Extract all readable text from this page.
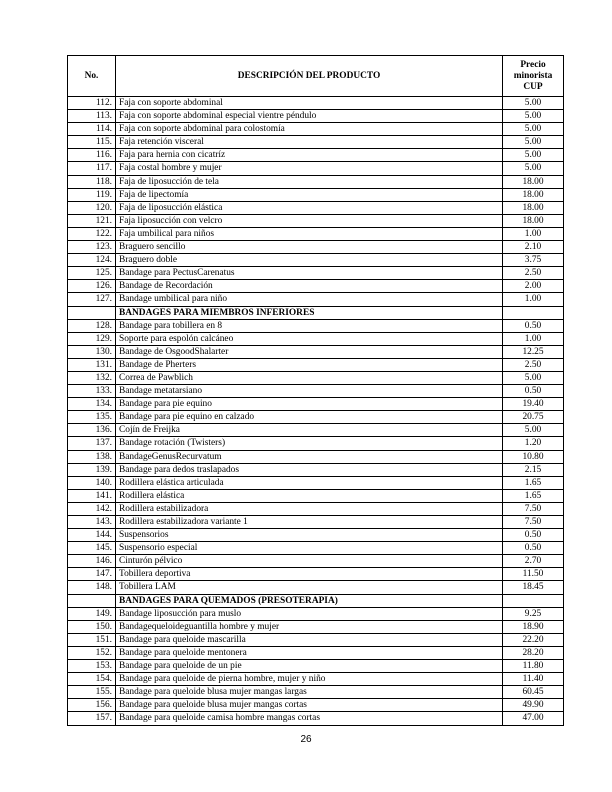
No.	DESCRIPCIÓN DEL PRODUCTO	Precio
minorista
CUP

112.	Faja con soporte abdominal	5.00
113.	Faja con soporte abdominal especial vientre péndulo	5.00
114.	Faja con soporte abdominal para colostomía	5.00
115.	Faja retención visceral	5.00
116.	Faja para hernia con cicatríz	5.00
117.	Faja costal hombre y mujer	5.00
118.	Faja de liposucción de tela	18.00
119.	Faja de lipectomía	18.00
120.	Faja de liposucción elástica	18.00
121.	Faja liposucción con velcro	18.00
122.	Faja umbilical para niños	1.00
123.	Braguero sencillo	2.10
124.	Braguero doble	3.75
125.	Bandage para PectusCarenatus	2.50
126.	Bandage de Recordación	2.00
127.	Bandage umbilical para niño	1.00
	BANDAGES PARA MIEMBROS INFERIORES	
128.	Bandage para tobillera en 8	0.50
129.	Soporte para espolón calcáneo	1.00
130.	Bandage de OsgoodShalarter	12.25
131.	Bandage de Pherters	2.50
132.	Correa de Pawblich	5.00
133.	Bandage metatarsiano	0.50
134.	Bandage para pie equino	19.40
135.	Bandage para pie equino en calzado	20.75
136.	Cojín de Freijka	5.00
137.	Bandage rotación (Twisters)	1.20
138.	BandageGenusRecurvatum	10.80
139.	Bandage para dedos traslapados	2.15
140.	Rodillera elástica articulada	1.65
141.	Rodillera elástica	1.65
142.	Rodillera estabilizadora	7.50
143.	Rodillera estabilizadora variante 1	7.50
144.	Suspensorios	0.50
145.	Suspensorio especial	0.50
146.	Cinturón pélvico	2.70
147.	Tobillera deportiva	11.50
148.	Tobillera LAM	18.45
	BANDAGES PARA QUEMADOS (PRESOTERAPIA)	
149.	Bandage liposucción para muslo	9.25
150.	Bandagequeloideguantilla hombre y mujer	18.90
151.	Bandage para queloide mascarilla	22.20
152.	Bandage para queloide mentonera	28.20
153.	Bandage para queloide de un pie	11.80
154.	Bandage para queloide de pierna hombre, mujer y niño	11.40
155.	Bandage para queloide blusa mujer mangas largas	60.45
156.	Bandage para queloide blusa mujer mangas cortas	49.90
157.	Bandage para queloide camisa hombre mangas cortas	47.00
26
